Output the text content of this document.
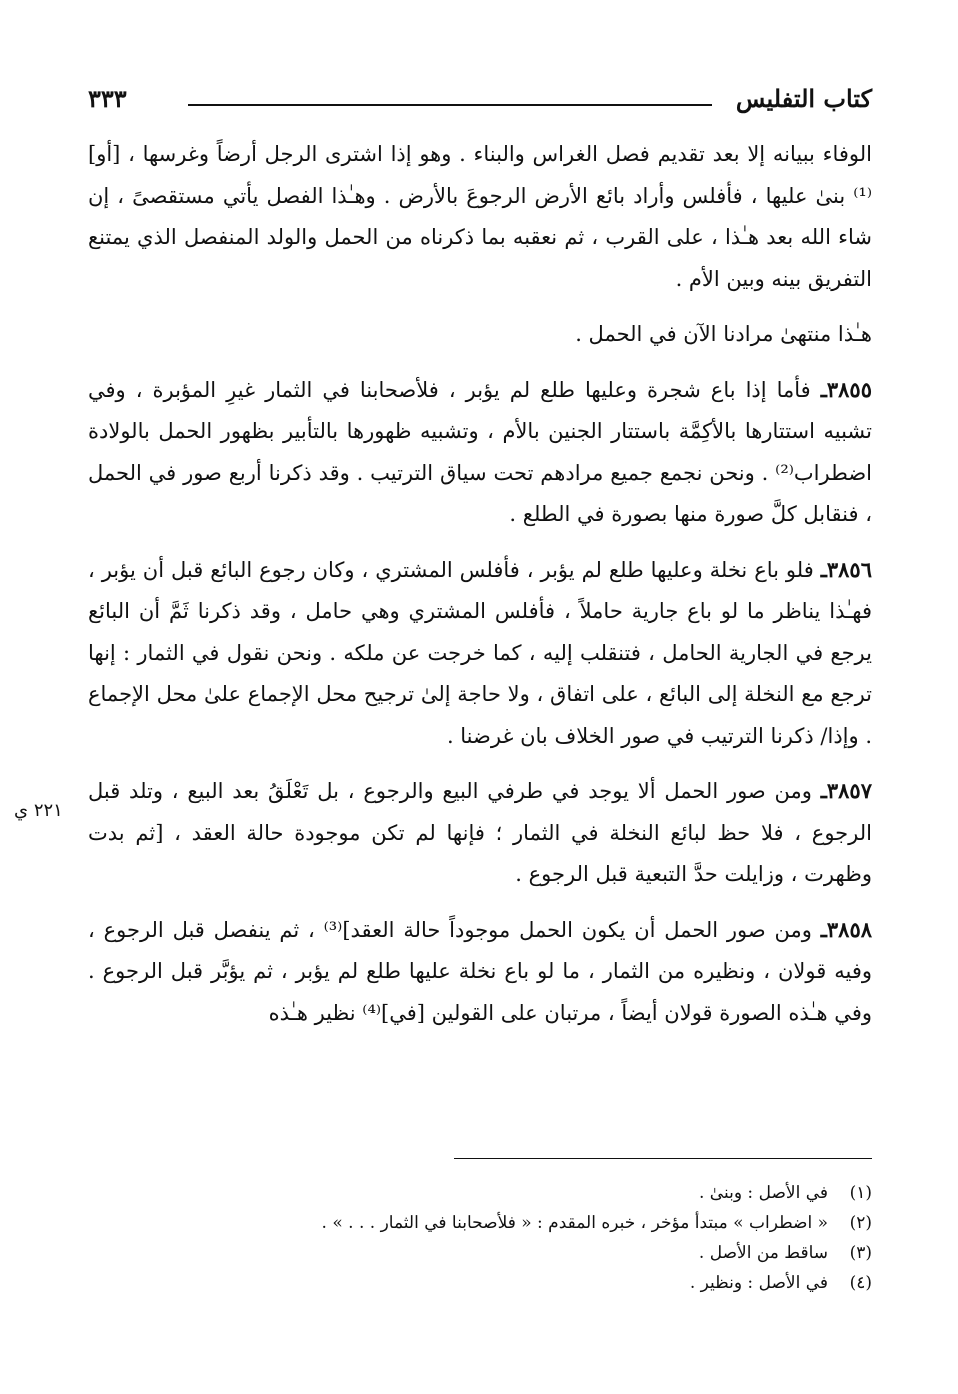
كتاب التفليس
٣٣٣
٢٢١ ي

الوفاء ببيانه إلا بعد تقديم فصل الغراس والبناء . وهو إذا اشترى الرجل أرضاً وغرسها ، [أو]⁽¹⁾ بنىٰ عليها ، فأفلس وأراد بائع الأرض الرجوعَ بالأرض . وهـٰذا الفصل يأتي مستقصىً ، إن شاء الله بعد هـٰذا ، على القرب ، ثم نعقبه بما ذكرناه من الحمل والولد المنفصل الذي يمتنع التفريق بينه وبين الأم .

هـٰذا منتهىٰ مرادنا الآن في الحمل .

٣٨٥٥ـ فأما إذا باع شجرة وعليها طلع لم يؤبر ، فلأصحابنا في الثمار غيرِ المؤبرة ، وفي تشبيه استتارها بالأكِمَّة باستتار الجنين بالأم ، وتشبيه ظهورها بالتأبير بظهور الحمل بالولادة اضطراب⁽²⁾ . ونحن نجمع جميع مرادهم تحت سياق الترتيب . وقد ذكرنا أربع صور في الحمل ، فنقابل كلَّ صورة منها بصورة في الطلع .

٣٨٥٦ـ فلو باع نخلة وعليها طلع لم يؤبر ، فأفلس المشتري ، وكان رجوع البائع قبل أن يؤبر ، فهـٰذا يناظر ما لو باع جارية حاملاً ، فأفلس المشتري وهي حامل ، وقد ذكرنا ثَمَّ أن البائع يرجع في الجارية الحامل ، فتنقلب إليه ، كما خرجت عن ملكه . ونحن نقول في الثمار : إنها ترجع مع النخلة إلى البائع ، على اتفاق ، ولا حاجة إلىٰ ترجيح محل الإجماع علىٰ محل الإجماع . وإذا/ ذكرنا الترتيب في صور الخلاف بان غرضنا .

٣٨٥٧ـ ومن صور الحمل ألا يوجد في طرفي البيع والرجوع ، بل تَعْلَقُ بعد البيع ، وتلد قبل الرجوع ، فلا حظ لبائع النخلة في الثمار ؛ فإنها لم تكن موجودة حالة العقد ، [ثم بدت وظهرت ، وزايلت حدَّ التبعية قبل الرجوع .

٣٨٥٨ـ ومن صور الحمل أن يكون الحمل موجوداً حالة العقد]⁽³⁾ ، ثم ينفصل قبل الرجوع ، وفيه قولان ، ونظيره من الثمار ، ما لو باع نخلة عليها طلع لم يؤبر ، ثم يؤبَّر قبل الرجوع . وفي هـٰذه الصورة قولان أيضاً ، مرتبان على القولين [في]⁽⁴⁾ نظير هـٰذه

(١)في الأصل : وبنىٰ .
(٢)« اضطراب » مبتدأ مؤخر ، خبره المقدم : « فلأصحابنا في الثمار . . . » .
(٣)ساقط من الأصل .
(٤)في الأصل : ونظير .
